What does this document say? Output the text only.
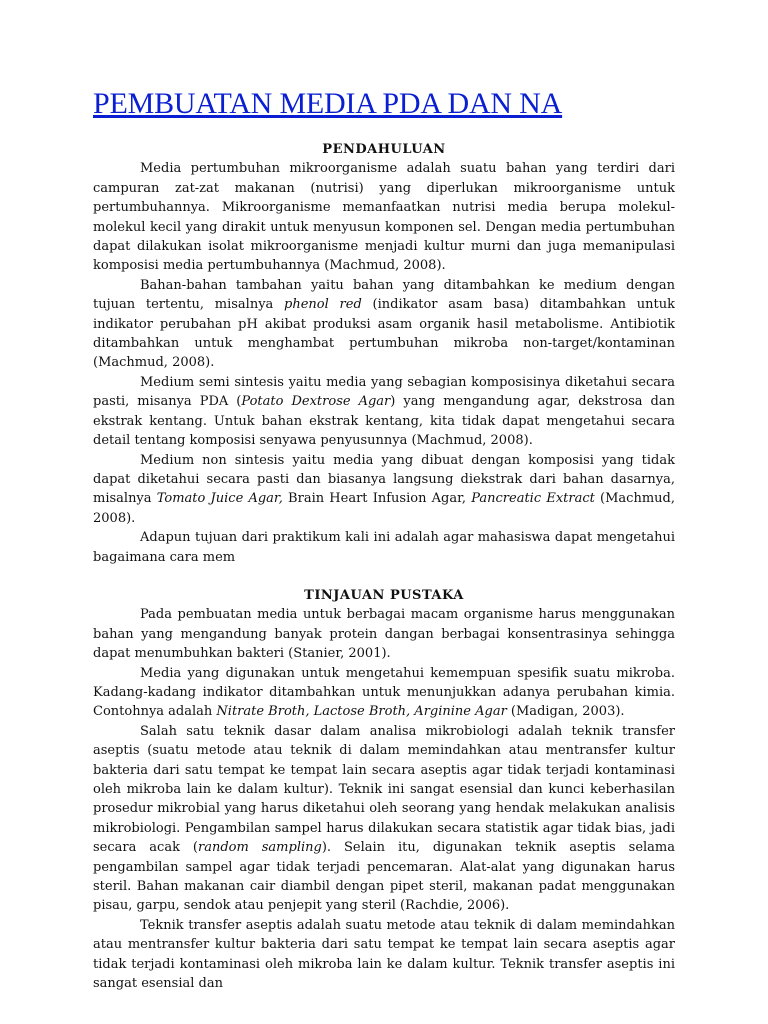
PEMBUATAN MEDIA PDA DAN NA
PENDAHULUAN

Media pertumbuhan mikroorganisme adalah suatu bahan yang terdiri dari campuran zat-zat makanan (nutrisi) yang diperlukan mikroorganisme untuk pertumbuhannya. Mikroorganisme memanfaatkan nutrisi media berupa molekul-molekul kecil yang dirakit untuk menyusun komponen sel. Dengan media pertumbuhan dapat dilakukan isolat mikroorganisme menjadi kultur murni dan juga memanipulasi komposisi media pertumbuhannya (Machmud, 2008).

Bahan-bahan tambahan yaitu bahan yang ditambahkan ke medium dengan tujuan tertentu, misalnya phenol red (indikator asam basa) ditambahkan untuk indikator perubahan pH akibat produksi asam organik hasil metabolisme. Antibiotik ditambahkan untuk menghambat pertumbuhan mikroba non-target/kontaminan (Machmud, 2008).

Medium semi sintesis yaitu media yang sebagian komposisinya diketahui secara pasti, misanya PDA (Potato Dextrose Agar) yang mengandung agar, dekstrosa dan ekstrak kentang. Untuk bahan ekstrak kentang, kita tidak dapat mengetahui secara detail tentang komposisi senyawa penyusunnya (Machmud, 2008).

Medium non sintesis yaitu media yang dibuat dengan komposisi yang tidak dapat diketahui secara pasti dan biasanya langsung diekstrak dari bahan dasarnya, misalnya Tomato Juice Agar, Brain Heart Infusion Agar, Pancreatic Extract (Machmud, 2008).

Adapun tujuan dari praktikum kali ini adalah agar mahasiswa dapat mengetahui bagaimana cara mem

TINJAUAN PUSTAKA

Pada pembuatan media untuk berbagai macam organisme harus menggunakan bahan yang mengandung banyak protein dangan berbagai konsentrasinya sehingga dapat menumbuhkan bakteri (Stanier, 2001).

Media yang digunakan untuk mengetahui kemempuan spesifik suatu mikroba. Kadang-kadang indikator ditambahkan untuk menunjukkan adanya perubahan kimia. Contohnya adalah Nitrate Broth, Lactose Broth, Arginine Agar (Madigan, 2003).

Salah satu teknik dasar dalam analisa mikrobiologi adalah teknik transfer aseptis (suatu metode atau teknik di dalam memindahkan atau mentransfer kultur bakteria dari satu tempat ke tempat lain secara aseptis agar tidak terjadi kontaminasi oleh mikroba lain ke dalam kultur). Teknik ini sangat esensial dan kunci keberhasilan prosedur mikrobial yang harus diketahui oleh seorang yang hendak melakukan analisis mikrobiologi. Pengambilan sampel harus dilakukan secara statistik agar tidak bias, jadi secara acak (random sampling). Selain itu, digunakan teknik aseptis selama pengambilan sampel agar tidak terjadi pencemaran. Alat-alat yang digunakan harus steril. Bahan makanan cair diambil dengan pipet steril, makanan padat menggunakan pisau, garpu, sendok atau penjepit yang steril (Rachdie, 2006).

Teknik transfer aseptis adalah suatu metode atau teknik di dalam memindahkan atau mentransfer kultur bakteria dari satu tempat ke tempat lain secara aseptis agar tidak terjadi kontaminasi oleh mikroba lain ke dalam kultur. Teknik transfer aseptis ini sangat esensial dan
